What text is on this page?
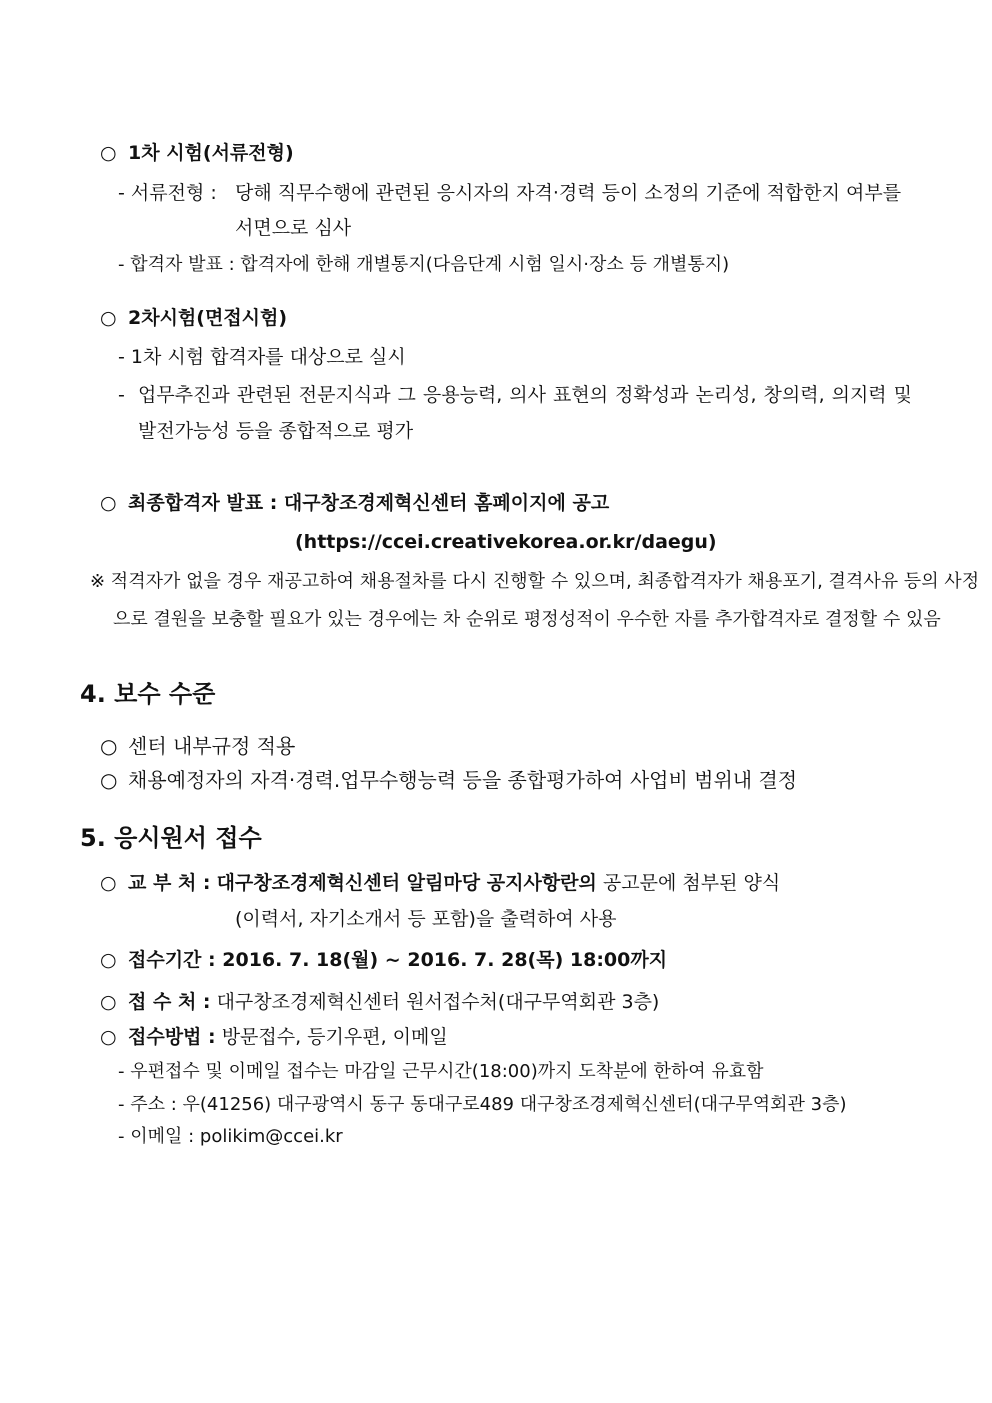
○ 1차 시험(서류전형)
- 서류전형 : 당해 직무수행에 관련된 응시자의 자격·경력 등이 소정의 기준에 적합한지 여부를
서면으로 심사
- 합격자 발표 : 합격자에 한해 개별통지(다음단계 시험 일시·장소 등 개별통지)
○ 2차시험(면접시험)
- 1차 시험 합격자를 대상으로 실시
- 업무추진과 관련된 전문지식과 그 응용능력, 의사 표현의 정확성과 논리성, 창의력, 의지력 및
발전가능성 등을 종합적으로 평가
○ 최종합격자 발표 : 대구창조경제혁신센터 홈페이지에 공고
(https://ccei.creativekorea.or.kr/daegu)
※ 적격자가 없을 경우 재공고하여 채용절차를 다시 진행할 수 있으며, 최종합격자가 채용포기, 결격사유 등의 사정
으로 결원을 보충할 필요가 있는 경우에는 차 순위로 평정성적이 우수한 자를 추가합격자로 결정할 수 있음
4. 보수 수준
○ 센터 내부규정 적용
○ 채용예정자의 자격·경력.업무수행능력 등을 종합평가하여 사업비 범위내 결정
5. 응시원서 접수
○ 교 부 처 : 대구창조경제혁신센터 알림마당 공지사항란의 공고문에 첨부된 양식
(이력서, 자기소개서 등 포함)을 출력하여 사용
○ 접수기간 : 2016. 7. 18(월) ~ 2016. 7. 28(목) 18:00까지
○ 접 수 처 : 대구창조경제혁신센터 원서접수처(대구무역회관 3층)
○ 접수방법 : 방문접수, 등기우편, 이메일
- 우편접수 및 이메일 접수는 마감일 근무시간(18:00)까지 도착분에 한하여 유효함
- 주소 : 우(41256) 대구광역시 동구 동대구로489 대구창조경제혁신센터(대구무역회관 3층)
- 이메일 : polikim@ccei.kr
